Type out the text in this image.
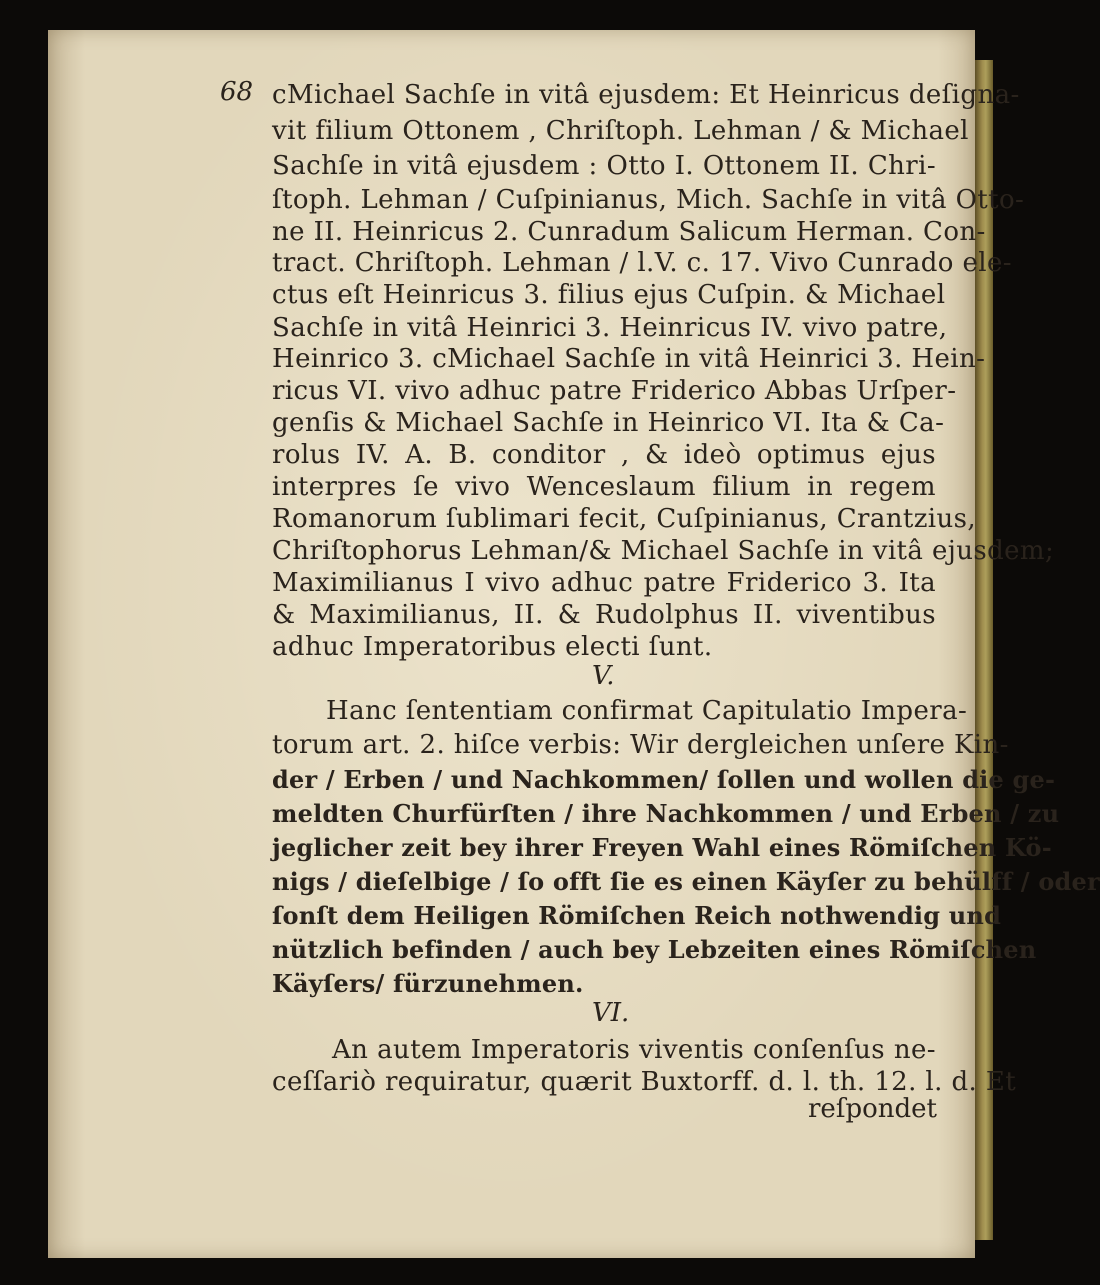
68 cMichael Sachſe in vitâ ejusdem: Et Heinricus deſigna-
vit filium Ottonem , Chriſtoph. Lehman / & Michael
Sachſe in vitâ ejusdem : Otto I. Ottonem II. Chri-
ſtoph. Lehman / Cuſpinianus, Mich. Sachſe in vitâ Otto-
ne II. Heinricus 2. Cunradum Salicum Herman. Con-
tract. Chriſtoph. Lehman / l.V. c. 17. Vivo Cunrado ele-
ctus eſt Heinricus 3. filius ejus Cuſpin. & Michael
Sachſe in vitâ Heinrici 3. Heinricus IV. vivo patre,
Heinrico 3. cMichael Sachſe in vitâ Heinrici 3. Hein-
ricus VI. vivo adhuc patre Friderico Abbas Urſper-
genſis & Michael Sachſe in Heinrico VI. Ita & Ca-
rolus IV. A. B. conditor , & ideò optimus ejus
interpres ſe vivo Wenceslaum filium in regem
Romanorum ſublimari fecit, Cuſpinianus, Crantzius,
Chriſtophorus Lehman/& Michael Sachſe in vitâ ejusdem;
Maximilianus I vivo adhuc patre Friderico 3. Ita
& Maximilianus, II. & Rudolphus II. viventibus
adhuc Imperatoribus electi ſunt.
V.
Hanc ſententiam confirmat Capitulatio Impera-
torum art. 2. hiſce verbis: Wir dergleichen unſere Kin-
der / Erben / und Nachkommen/ ſollen und wollen die ge-
meldten Churfürſten / ihre Nachkommen / und Erben / zu
jeglicher zeit bey ihrer Freyen Wahl eines Römiſchen Kö-
nigs / dieſelbige / ſo offt ſie es einen Käyſer zu behülff / oder
ſonſt dem Heiligen Römiſchen Reich nothwendig und
nützlich befinden / auch bey Lebzeiten eines Römiſchen
Käyſers/ fürzunehmen.
VI.
An autem Imperatoris viventis conſenſus ne-
ceſſariò requiratur, quærit Buxtorff. d. l. th. 12. l. d. Et
reſpondet
